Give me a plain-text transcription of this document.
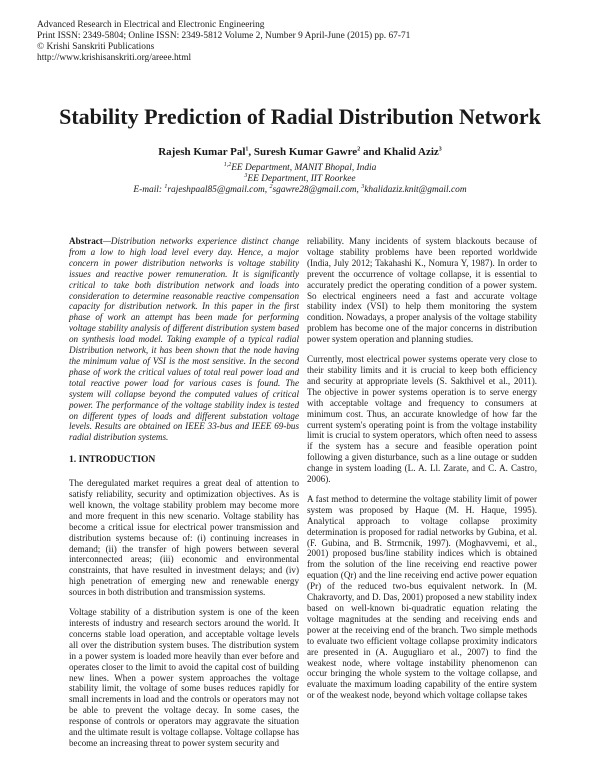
Advanced Research in Electrical and Electronic Engineering
Print ISSN: 2349-5804; Online ISSN: 2349-5812 Volume 2, Number 9 April-June (2015) pp. 67-71
© Krishi Sanskriti Publications
http://www.krishisanskriti.org/areee.html
Stability Prediction of Radial Distribution Network
Rajesh Kumar Pal$^1$, Suresh Kumar Gawre$^2$ and Khalid Aziz$^3$
$^{1,2}$EE Department, MANIT Bhopal, India
$^3$EE Department, IIT Roorkee
E-mail: $^1$rajeshpaal85@gmail.com, $^2$sgawre28@gmail.com, $^3$khalidaziz.knit@gmail.com

Abstract—Distribution networks experience distinct change from a low to high load level every day. Hence, a major concern in power distribution networks is voltage stability issues and reactive power remuneration. It is significantly critical to take both distribution network and loads into consideration to determine reasonable reactive compensation capacity for distribution network. In this paper in the first phase of work an attempt has been made for performing voltage stability analysis of different distribution system based on synthesis load model. Taking example of a typical radial Distribution network, it has been shown that the node having the minimum value of VSI is the most sensitive. In the second phase of work the critical values of total real power load and total reactive power load for various cases is found. The system will collapse beyond the computed values of critical power. The performance of the voltage stability index is tested on different types of loads and different substation voltage levels. Results are obtained on IEEE 33-bus and IEEE 69-bus radial distribution systems.

1. INTRODUCTION

The deregulated market requires a great deal of attention to satisfy reliability, security and optimization objectives. As is well known, the voltage stability problem may become more and more frequent in this new scenario. Voltage stability has become a critical issue for electrical power transmission and distribution systems because of: (i) continuing increases in demand; (ii) the transfer of high powers between several interconnected areas; (iii) economic and environmental constraints, that have resulted in investment delays; and (iv) high penetration of emerging new and renewable energy sources in both distribution and transmission systems.

Voltage stability of a distribution system is one of the keen interests of industry and research sectors around the world. It concerns stable load operation, and acceptable voltage levels all over the distribution system buses. The distribution system in a power system is loaded more heavily than ever before and operates closer to the limit to avoid the capital cost of building new lines. When a power system approaches the voltage stability limit, the voltage of some buses reduces rapidly for small increments in load and the controls or operators may not be able to prevent the voltage decay. In some cases, the response of controls or operators may aggravate the situation and the ultimate result is voltage collapse. Voltage collapse has become an increasing threat to power system security and

reliability. Many incidents of system blackouts because of voltage stability problems have been reported worldwide (India, July 2012; Takahashi K., Nomura Y, 1987). In order to prevent the occurrence of voltage collapse, it is essential to accurately predict the operating condition of a power system. So electrical engineers need a fast and accurate voltage stability index (VSI) to help them monitoring the system condition. Nowadays, a proper analysis of the voltage stability problem has become one of the major concerns in distribution power system operation and planning studies.

Currently, most electrical power systems operate very close to their stability limits and it is crucial to keep both efficiency and security at appropriate levels (S. Sakthivel et al., 2011). The objective in power systems operation is to serve energy with acceptable voltage and frequency to consumers at minimum cost. Thus, an accurate knowledge of how far the current system's operating point is from the voltage instability limit is crucial to system operators, which often need to assess if the system has a secure and feasible operation point following a given disturbance, such as a line outage or sudden change in system loading (L. A. Ll. Zarate, and C. A. Castro, 2006).

A fast method to determine the voltage stability limit of power system was proposed by Haque (M. H. Haque, 1995). Analytical approach to voltage collapse proximity determination is proposed for radial networks by Gubina, et al. (F. Gubina, and B. Strmcnik, 1997). (Moghavvemi, et al., 2001) proposed bus/line stability indices which is obtained from the solution of the line receiving end reactive power equation (Qr) and the line receiving end active power equation (Pr) of the reduced two-bus equivalent network. In (M. Chakravorty, and D. Das, 2001) proposed a new stability index based on well-known bi-quadratic equation relating the voltage magnitudes at the sending and receiving ends and power at the receiving end of the branch. Two simple methods to evaluate two efficient voltage collapse proximity indicators are presented in (A. Augugliaro et al., 2007) to find the weakest node, where voltage instability phenomenon can occur bringing the whole system to the voltage collapse, and evaluate the maximum loading capability of the entire system or of the weakest node, beyond which voltage collapse takes
